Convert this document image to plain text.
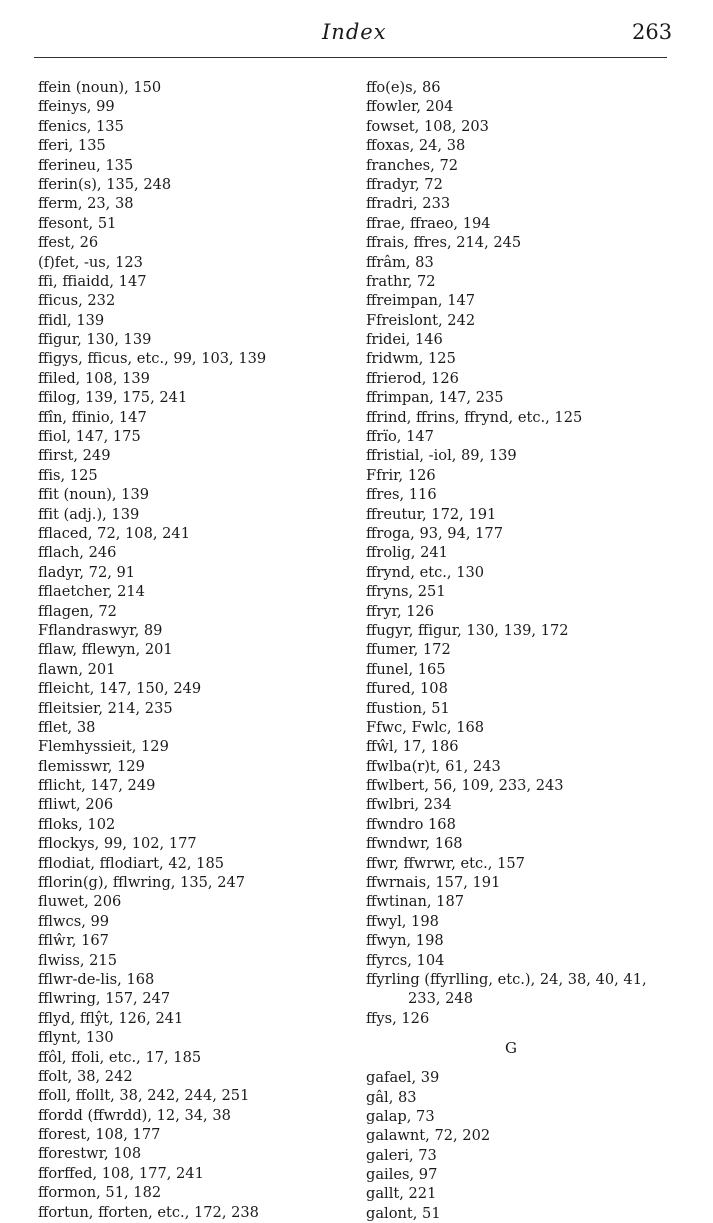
Index	263
ffein (noun), 150
ffeinys, 99
ffenics, 135
fferi, 135
fferineu, 135
fferin(s), 135, 248
fferm, 23, 38
ffesont, 51
ffest, 26
(f)fet, -us, 123
ffi, ffiaidd, 147
fficus, 232
ffidl, 139
ffigur, 130, 139
ffigys, fficus, etc., 99, 103, 139
ffiled, 108, 139
ffilog, 139, 175, 241
ffîn, ffinio, 147
ffiol, 147, 175
ffirst, 249
ffis, 125
ffit (noun), 139
ffit (adj.), 139
fflaced, 72, 108, 241
fflach, 246
fladyr, 72, 91
fflaetcher, 214
fflagen, 72
Fflandraswyr, 89
fflaw, fflewyn, 201
flawn, 201
ffleicht, 147, 150, 249
ffleitsier, 214, 235
fflet, 38
Flemhyssieit, 129
flemisswr, 129
fflicht, 147, 249
ffliwt, 206
ffloks, 102
fflockys, 99, 102, 177
fflodiat, fflodiart, 42, 185
fflorin(g), fflwring, 135, 247
fluwet, 206
fflwcs, 99
fflŵr, 167
flwiss, 215
fflwr-de-lis, 168
fflwring, 157, 247
fflyd, fflŷt, 126, 241
fflynt, 130
ffôl, ffoli, etc., 17, 185
ffolt, 38, 242
ffoll, ffollt, 38, 242, 244, 251
ffordd (ffwrdd), 12, 34, 38
fforest, 108, 177
fforestwr, 108
fforffed, 108, 177, 241
fformon, 51, 182
ffortun, fforten, etc., 172, 238
ffo(e)s, 86
ffowler, 204
fowset, 108, 203
ffoxas, 24, 38
franches, 72
ffradyr, 72
ffradri, 233
ffrae, ffraeo, 194
ffrais, ffres, 214, 245
ffrâm, 83
frathr, 72
ffreimpan, 147
Ffreislont, 242
fridei, 146
fridwm, 125
ffrierod, 126
ffrimpan, 147, 235
ffrind, ffrins, ffrynd, etc., 125
ffrïo, 147
ffristial, -iol, 89, 139
Ffrir, 126
ffres, 116
ffreutur, 172, 191
ffroga, 93, 94, 177
ffrolig, 241
ffrynd, etc., 130
ffryns, 251
ffryr, 126
ffugyr, ffigur, 130, 139, 172
ffumer, 172
ffunel, 165
ffured, 108
ffustion, 51
Ffwc, Fwlc, 168
ffŵl, 17, 186
ffwlba(r)t, 61, 243
ffwlbert, 56, 109, 233, 243
ffwlbri, 234
ffwndro 168
ffwndwr, 168
ffwr, ffwrwr, etc., 157
ffwrnais, 157, 191
ffwtinan, 187
ffwyl, 198
ffwyn, 198
ffyrcs, 104
ffyrling (ffyrlling, etc.), 24, 38, 40, 41,
233, 248
ffys, 126
G
gafael, 39
gâl, 83
galap, 73
galawnt, 72, 202
galeri, 73
gailes, 97
gallt, 221
galont, 51
